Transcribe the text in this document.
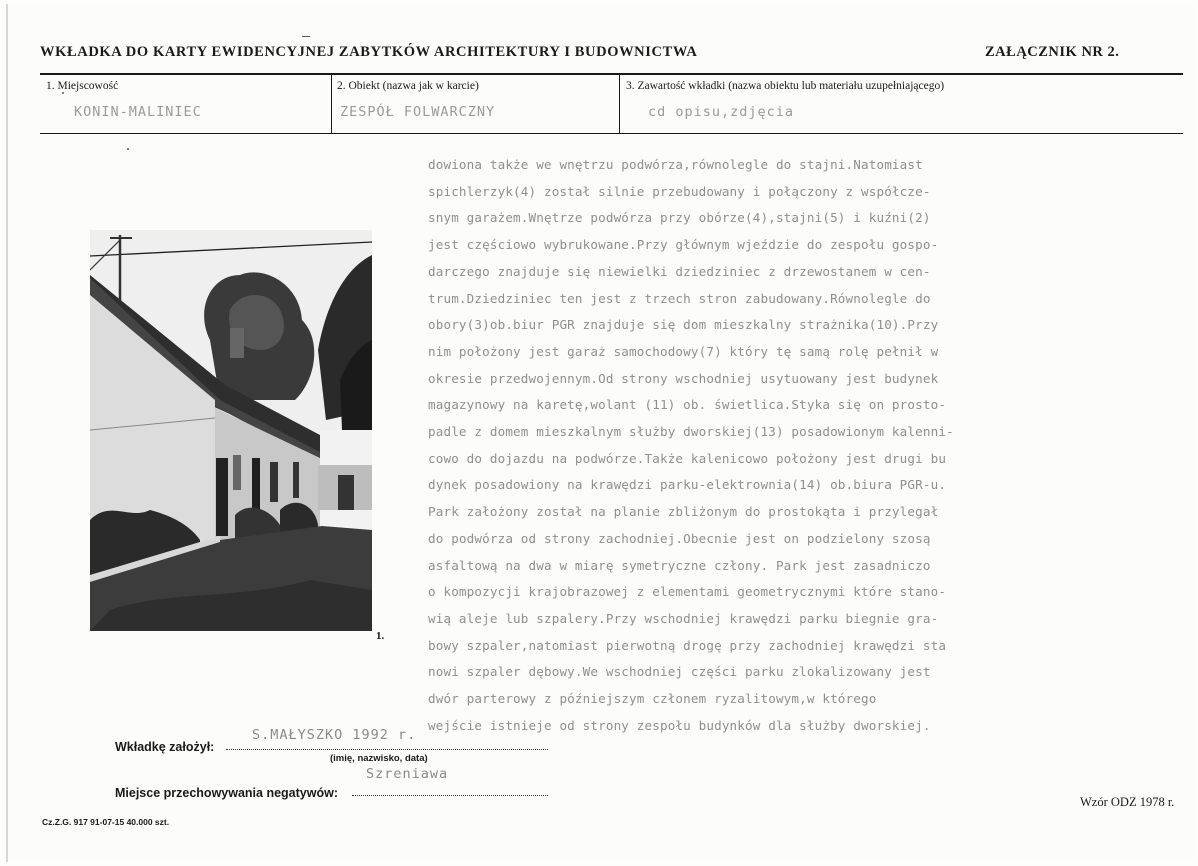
WKŁADKA DO KARTY EWIDENCYJNEJ ZABYTKÓW ARCHITEKTURY I BUDOWNICTWA	ZAŁĄCZNIK NR 2.
1. Miejscowość
KONIN-MALINIEC
2. Obiekt (nazwa jak w karcie)
ZESPÓŁ FOLWARCZNY
3. Zawartość wkładki (nazwa obiektu lub materiału uzupełniającego)
cd opisu,zdjęcia
1.
dowiona także we wnętrzu podwórza,równolegle do stajni.Natomiast
spichlerzyk(4) został silnie przebudowany i połączony z współcze-
snym garażem.Wnętrze podwórza przy obórze(4),stajni(5) i kuźni(2)
jest częściowo wybrukowane.Przy głównym wjeździe do zespołu gospo-
darczego znajduje się niewielki dziedziniec z drzewostanem w cen-
trum.Dziedziniec ten jest z trzech stron zabudowany.Równolegle do
obory(3)ob.biur PGR znajduje się dom mieszkalny strażnika(10).Przy
nim położony jest garaż samochodowy(7) który tę samą rolę pełnił w
okresie przedwojennym.Od strony wschodniej usytuowany jest budynek
magazynowy na karetę,wolant (11) ob. świetlica.Styka się on prosto-
padle z domem mieszkalnym służby dworskiej(13) posadowionym kalenni-
cowo do dojazdu na podwórze.Także kalenicowo położony jest drugi bu
dynek posadowiony na krawędzi parku-elektrownia(14) ob.biura PGR-u.
Park założony został na planie zbliżonym do prostokąta i przylegał
do podwórza od strony zachodniej.Obecnie jest on podzielony szosą
asfaltową na dwa w miarę symetryczne człony. Park jest zasadniczo
o kompozycji krajobrazowej z elementami geometrycznymi które stano-
wią aleje lub szpalery.Przy wschodniej krawędzi parku biegnie gra-
bowy szpaler,natomiast pierwotną drogę przy zachodniej krawędzi sta
nowi szpaler dębowy.We wschodniej części parku zlokalizowany jest
dwór parterowy z późniejszym członem ryzalitowym,w którego
wejście istnieje od strony zespołu budynków dla służby dworskiej.
Wkładkę założył:
S.MAŁYSZKO 1992 r.
(imię, nazwisko, data)
Szreniawa
Miejsce przechowywania negatywów:
Wzór ODZ 1978 r.
Cz.Z.G. 917 91-07-15 40.000 szt.
